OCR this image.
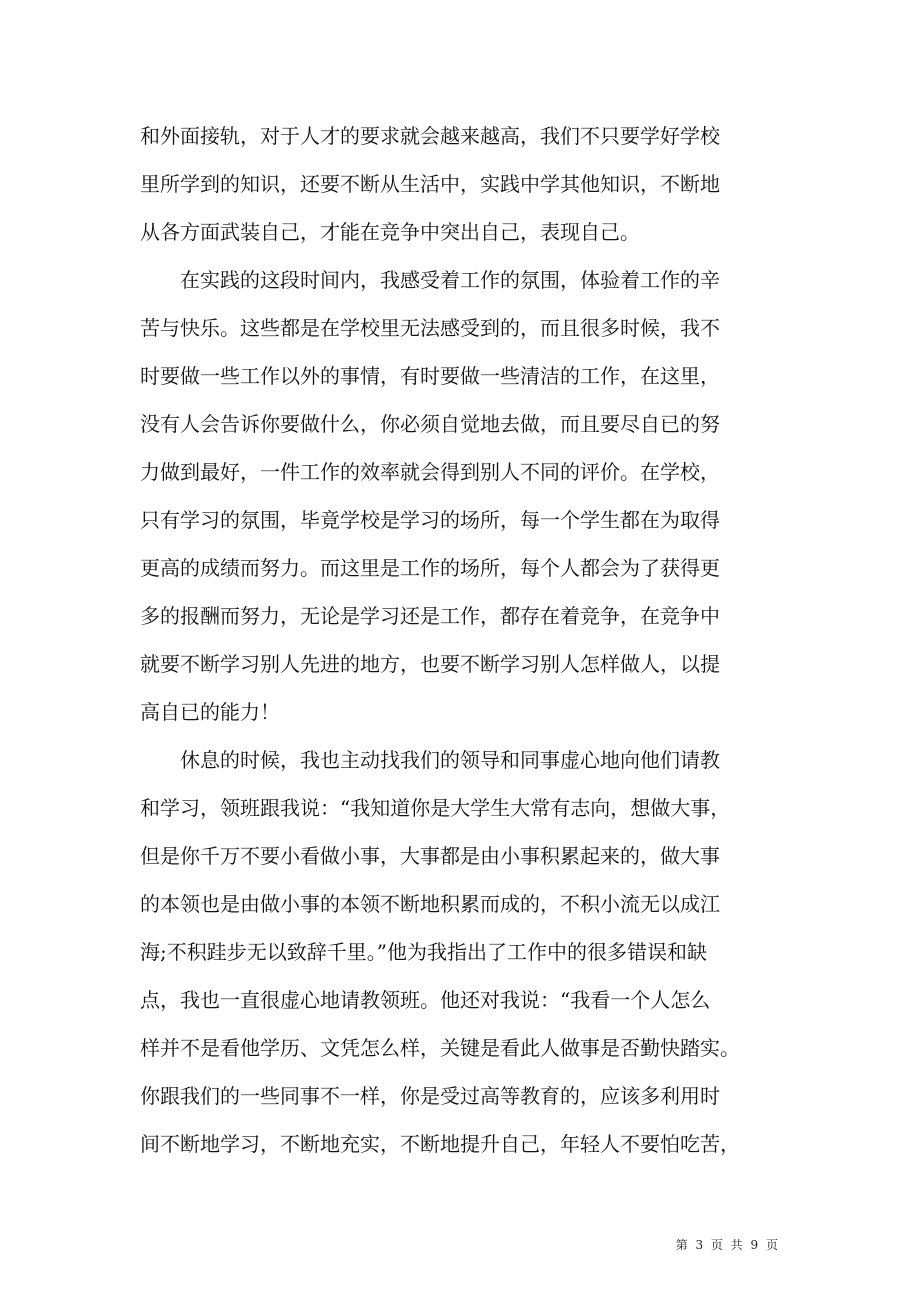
和外面接轨，对于人才的要求就会越来越高，我们不只要学好学校
里所学到的知识，还要不断从生活中，实践中学其他知识，不断地
从各方面武装自己，才能在竞争中突出自己，表现自己。
　　在实践的这段时间内，我感受着工作的氛围，体验着工作的辛
苦与快乐。这些都是在学校里无法感受到的，而且很多时候，我不
时要做一些工作以外的事情，有时要做一些清洁的工作，在这里，
没有人会告诉你要做什么，你必须自觉地去做，而且要尽自已的努
力做到最好，一件工作的效率就会得到别人不同的评价。在学校，
只有学习的氛围，毕竟学校是学习的场所，每一个学生都在为取得
更高的成绩而努力。而这里是工作的场所，每个人都会为了获得更
多的报酬而努力，无论是学习还是工作，都存在着竞争，在竞争中
就要不断学习别人先进的地方，也要不断学习别人怎样做人，以提
高自已的能力！
　　休息的时候，我也主动找我们的领导和同事虚心地向他们请教
和学习，领班跟我说：“我知道你是大学生大常有志向，想做大事，
但是你千万不要小看做小事，大事都是由小事积累起来的，做大事
的本领也是由做小事的本领不断地积累而成的，不积小流无以成江
海;不积跬步无以致辞千里。”他为我指出了工作中的很多错误和缺
点，我也一直很虚心地请教领班。他还对我说：“我看一个人怎么
样并不是看他学历、文凭怎么样，关键是看此人做事是否勤快踏实。
你跟我们的一些同事不一样，你是受过高等教育的，应该多利用时
间不断地学习，不断地充实，不断地提升自己，年轻人不要怕吃苦，
第 3 页 共 9 页
